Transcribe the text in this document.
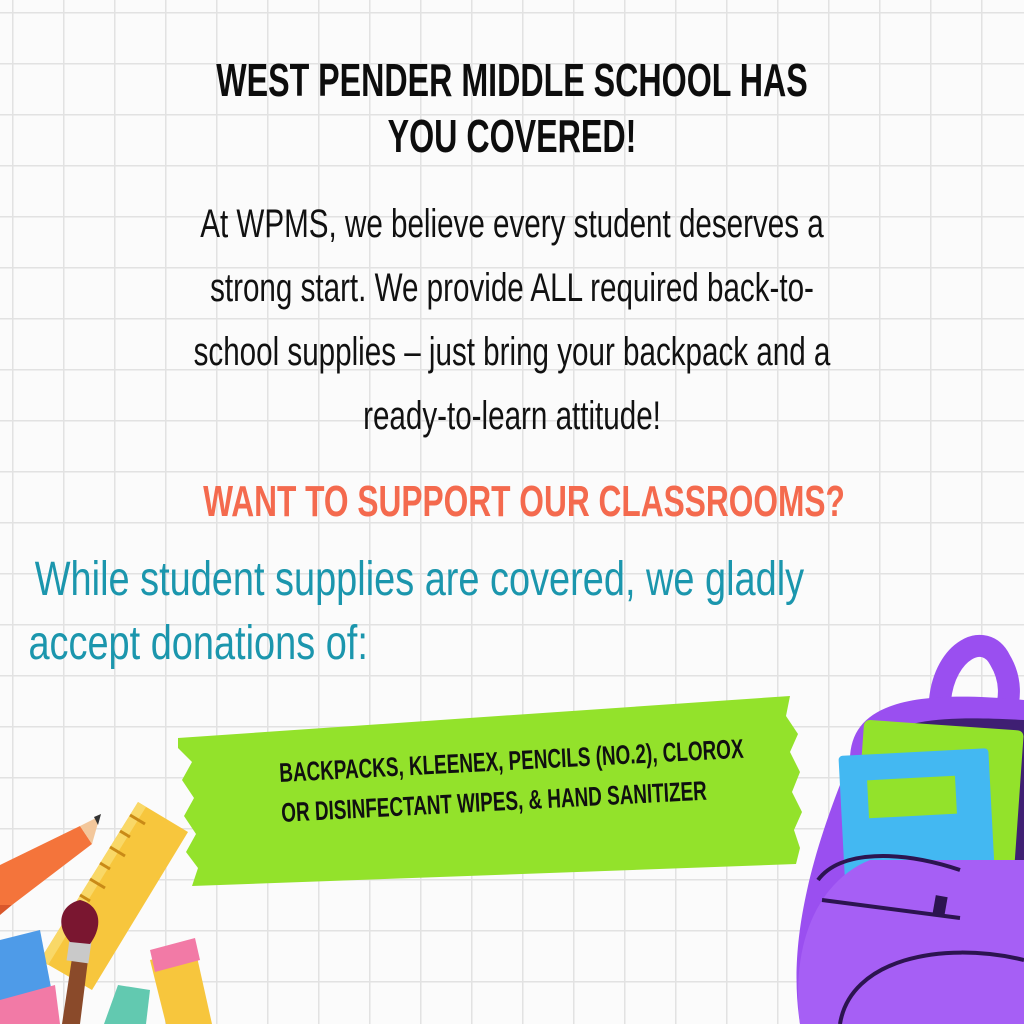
WEST PENDER MIDDLE SCHOOL HAS
YOU COVERED!

At WPMS, we believe every student deserves a
strong start. We provide ALL required back-to-
school supplies – just bring your backpack and a
ready-to-learn attitude!

WANT TO SUPPORT OUR CLASSROOMS?

While student supplies are covered, we gladly
accept donations of:

BACKPACKS, KLEENEX, PENCILS (NO.2), CLOROX
OR DISINFECTANT WIPES, & HAND SANITIZER
